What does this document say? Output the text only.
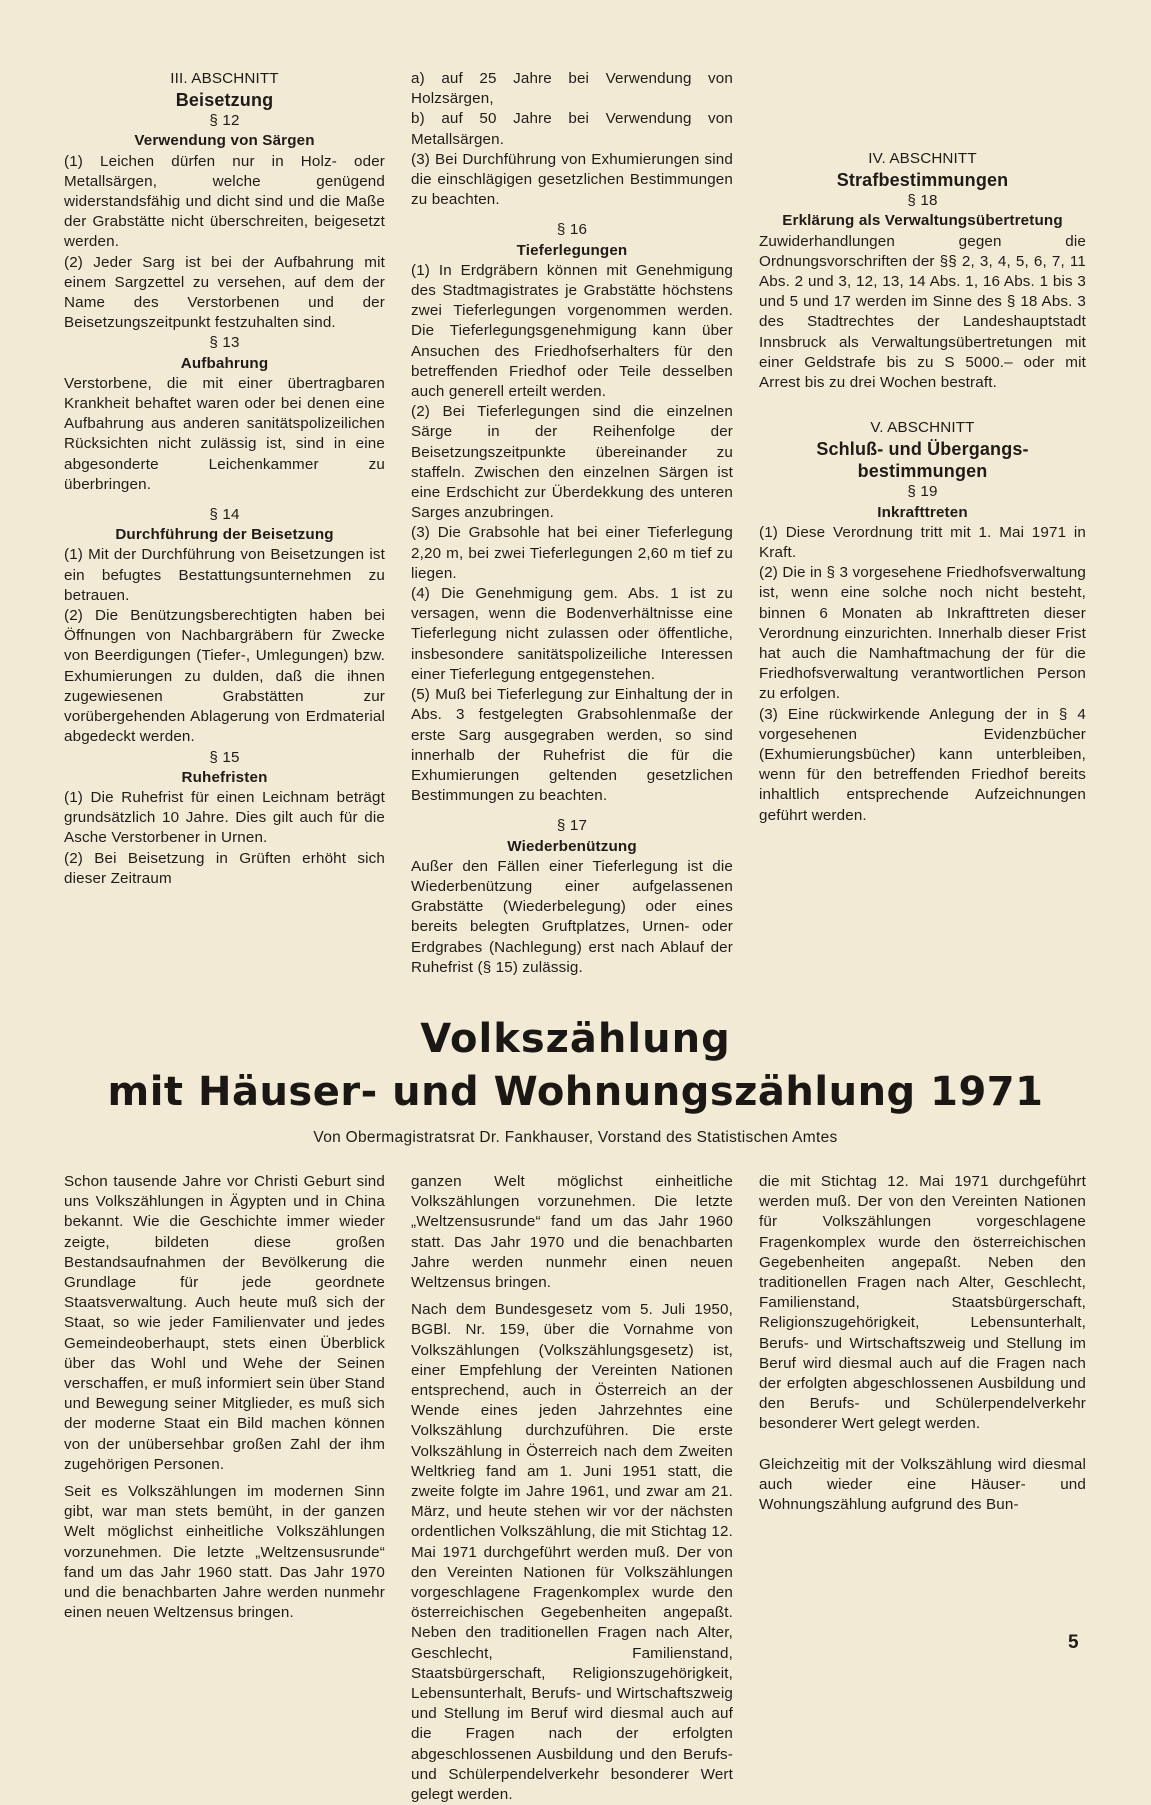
III. ABSCHNITT

Beisetzung

§ 12

Verwendung von Särgen

(1) Leichen dürfen nur in Holz- oder Metallsärgen, welche genügend widerstandsfähig und dicht sind und die Maße der Grabstätte nicht überschreiten, beigesetzt werden.

(2) Jeder Sarg ist bei der Aufbahrung mit einem Sargzettel zu versehen, auf dem der Name des Verstorbenen und der Beisetzungszeitpunkt festzuhalten sind.

§ 13

Aufbahrung

Verstorbene, die mit einer übertragbaren Krankheit behaftet waren oder bei denen eine Aufbahrung aus anderen sanitätspolizeilichen Rücksichten nicht zulässig ist, sind in eine abgesonderte Leichenkammer zu überbringen.

§ 14

Durchführung der Beisetzung

(1) Mit der Durchführung von Beisetzungen ist ein befugtes Bestattungsunternehmen zu betrauen.

(2) Die Benützungsberechtigten haben bei Öffnungen von Nachbargräbern für Zwecke von Beerdigungen (Tiefer-, Umlegungen) bzw. Exhumierungen zu dulden, daß die ihnen zugewiesenen Grabstätten zur vorübergehenden Ablagerung von Erdmaterial abgedeckt werden.

§ 15

Ruhefristen

(1) Die Ruhefrist für einen Leichnam beträgt grundsätzlich 10 Jahre. Dies gilt auch für die Asche Verstorbener in Urnen.

(2) Bei Beisetzung in Grüften erhöht sich dieser Zeitraum

a) auf 25 Jahre bei Verwendung von Holzsärgen,

b) auf 50 Jahre bei Verwendung von Metallsärgen.

(3) Bei Durchführung von Exhumierungen sind die einschlägigen gesetzlichen Bestimmungen zu beachten.

§ 16

Tieferlegungen

(1) In Erdgräbern können mit Genehmigung des Stadtmagistrates je Grabstätte höchstens zwei Tieferlegungen vorgenommen werden. Die Tieferlegungsgenehmigung kann über Ansuchen des Friedhofserhalters für den betreffenden Friedhof oder Teile desselben auch generell erteilt werden.

(2) Bei Tieferlegungen sind die einzelnen Särge in der Reihenfolge der Beisetzungszeitpunkte übereinander zu staffeln. Zwischen den einzelnen Särgen ist eine Erdschicht zur Überdekkung des unteren Sarges anzubringen.

(3) Die Grabsohle hat bei einer Tieferlegung 2,20 m, bei zwei Tieferlegungen 2,60 m tief zu liegen.

(4) Die Genehmigung gem. Abs. 1 ist zu versagen, wenn die Bodenverhältnisse eine Tieferlegung nicht zulassen oder öffentliche, insbesondere sanitätspolizeiliche Interessen einer Tieferlegung entgegenstehen.

(5) Muß bei Tieferlegung zur Einhaltung der in Abs. 3 festgelegten Grabsohlenmaße der erste Sarg ausgegraben werden, so sind innerhalb der Ruhefrist die für die Exhumierungen geltenden gesetzlichen Bestimmungen zu beachten.

§ 17

Wiederbenützung

Außer den Fällen einer Tieferlegung ist die Wiederbenützung einer aufgelassenen Grabstätte (Wiederbelegung) oder eines bereits belegten Gruftplatzes, Urnen- oder Erdgrabes (Nachlegung) erst nach Ablauf der Ruhefrist (§ 15) zulässig.

IV. ABSCHNITT

Strafbestimmungen

§ 18

Erklärung als Verwaltungsübertretung

Zuwiderhandlungen gegen die Ordnungsvorschriften der §§ 2, 3, 4, 5, 6, 7, 11 Abs. 2 und 3, 12, 13, 14 Abs. 1, 16 Abs. 1 bis 3 und 5 und 17 werden im Sinne des § 18 Abs. 3 des Stadtrechtes der Landeshauptstadt Innsbruck als Verwaltungsübertretungen mit einer Geldstrafe bis zu S 5000.– oder mit Arrest bis zu drei Wochen bestraft.

V. ABSCHNITT

Schluß- und Übergangs-

bestimmungen

§ 19

Inkrafttreten

(1) Diese Verordnung tritt mit 1. Mai 1971 in Kraft.

(2) Die in § 3 vorgesehene Friedhofsverwaltung ist, wenn eine solche noch nicht besteht, binnen 6 Monaten ab Inkrafttreten dieser Verordnung einzurichten. Innerhalb dieser Frist hat auch die Namhaftmachung der für die Friedhofsverwaltung verantwortlichen Person zu erfolgen.

(3) Eine rückwirkende Anlegung der in § 4 vorgesehenen Evidenzbücher (Exhumierungsbücher) kann unterbleiben, wenn für den betreffenden Friedhof bereits inhaltlich entsprechende Aufzeichnungen geführt werden.

Volkszählung
mit Häuser- und Wohnungszählung 1971
Von Obermagistratsrat Dr. Fankhauser, Vorstand des Statistischen Amtes

Schon tausende Jahre vor Christi Geburt sind uns Volkszählungen in Ägypten und in China bekannt. Wie die Geschichte immer wieder zeigte, bildeten diese großen Bestandsaufnahmen der Bevölkerung die Grundlage für jede geordnete Staatsverwaltung. Auch heute muß sich der Staat, so wie jeder Familienvater und jedes Gemeindeoberhaupt, stets einen Überblick über das Wohl und Wehe der Seinen verschaffen, er muß informiert sein über Stand und Bewegung seiner Mitglieder, es muß sich der moderne Staat ein Bild machen können von der unübersehbar großen Zahl der ihm zugehörigen Personen.

Seit es Volkszählungen im modernen Sinn gibt, war man stets bemüht, in der ganzen Welt möglichst einheitliche Volkszählungen vorzunehmen. Die letzte „Weltzensusrunde“ fand um das Jahr 1960 statt. Das Jahr 1970 und die benachbarten Jahre werden nunmehr einen neuen Weltzensus bringen.

ganzen Welt möglichst einheitliche Volkszählungen vorzunehmen. Die letzte „Weltzensusrunde“ fand um das Jahr 1960 statt. Das Jahr 1970 und die benachbarten Jahre werden nunmehr einen neuen Weltzensus bringen.

Nach dem Bundesgesetz vom 5. Juli 1950, BGBl. Nr. 159, über die Vornahme von Volkszählungen (Volkszählungsgesetz) ist, einer Empfehlung der Vereinten Nationen entsprechend, auch in Österreich an der Wende eines jeden Jahrzehntes eine Volkszählung durchzuführen. Die erste Volkszählung in Österreich nach dem Zweiten Weltkrieg fand am 1. Juni 1951 statt, die zweite folgte im Jahre 1961, und zwar am 21. März, und heute stehen wir vor der nächsten ordentlichen Volkszählung, die mit Stichtag 12. Mai 1971 durchgeführt werden muß. Der von den Vereinten Nationen für Volkszählungen vorgeschlagene Fragenkomplex wurde den österreichischen Gegebenheiten angepaßt. Neben den traditionellen Fragen nach Alter, Geschlecht, Familienstand, Staatsbürgerschaft, Religionszugehörigkeit, Lebensunterhalt, Berufs- und Wirtschaftszweig und Stellung im Beruf wird diesmal auch auf die Fragen nach der erfolgten abgeschlossenen Ausbildung und den Berufs- und Schülerpendelverkehr besonderer Wert gelegt werden.

die mit Stichtag 12. Mai 1971 durchgeführt werden muß. Der von den Vereinten Nationen für Volkszählungen vorgeschlagene Fragenkomplex wurde den österreichischen Gegebenheiten angepaßt. Neben den traditionellen Fragen nach Alter, Geschlecht, Familienstand, Staatsbürgerschaft, Religionszugehörigkeit, Lebensunterhalt, Berufs- und Wirtschaftszweig und Stellung im Beruf wird diesmal auch auf die Fragen nach der erfolgten abgeschlossenen Ausbildung und den Berufs- und Schülerpendelverkehr besonderer Wert gelegt werden.

Gleichzeitig mit der Volkszählung wird diesmal auch wieder eine Häuser- und Wohnungszählung aufgrund des Bun-

5
